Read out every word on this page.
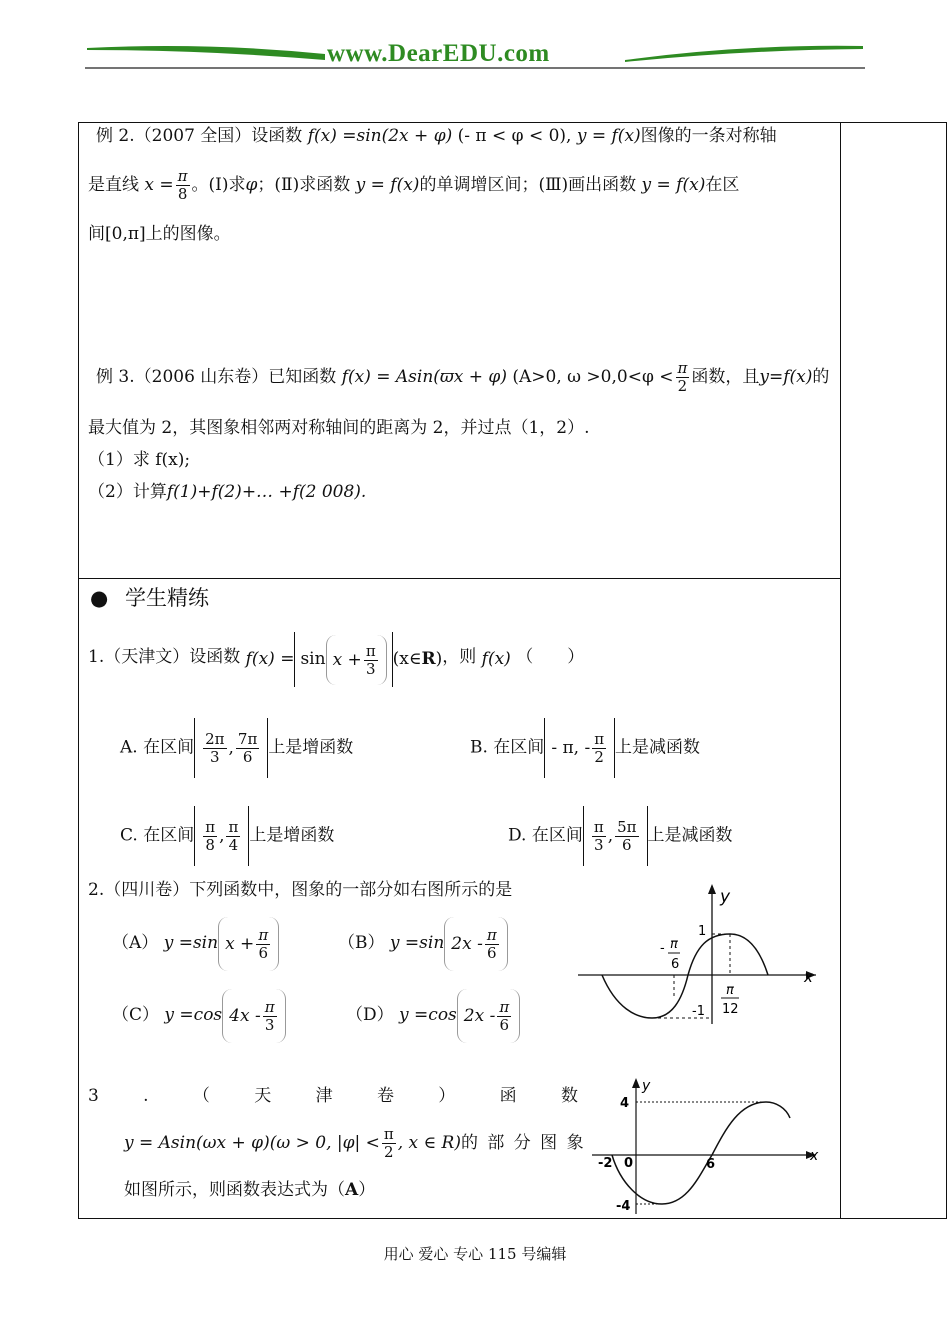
www.DearEDU.com
例 2.（2007 全国）设函数 f(x) =sin(2x + φ) (- π < φ < 0), y = f(x)图像的一条对称轴
是直线 $x = \frac{\pi}{8}$ 。(Ⅰ)求φ；(Ⅱ)求函数 y = f(x)的单调增区间；(Ⅲ)画出函数 y = f(x)在区
间[0,π]上的图像。
例 3.（2006 山东卷）已知函数 f(x) = Asin(ϖx + φ) (A>0, $\omega >0,0<\varphi < \frac{\pi}{2}$ 函数，且y=f(x)的
最大值为 2，其图象相邻两对称轴间的距离为 2，并过点（1，2）.
（1）求 f(x);
（2）计算f(1)+f(2)+… +f(2 008).
● 学生精练
1.（天津文）设函数 $f(x) = \sin x + \frac{\pi}{3}$ (x∈R)，则 f(x) （　　）
A. 在区间 $\frac{2\pi}{3}$ , $\frac{7\pi}{6}$ 上是增函数	B. 在区间 - π, - $\frac{\pi}{2}$ 上是减函数
C. 在区间 $\frac{\pi}{8}$ , $\frac{\pi}{4}$ 上是增函数	D. 在区间 $\frac{\pi}{3}$ , $\frac{5\pi}{6}$ 上是减函数
2.（四川卷）下列函数中，图象的一部分如右图所示的是
（A） y =sin $x + \frac{\pi}{6}$	（B） y =sin $2x - \frac{\pi}{6}$
（C） y =cos $4x - \frac{\pi}{3}$	（D） y =cos $2x - \frac{\pi}{6}$
y
x
1
-1
- π
6
π
12
3	.	（	天	津	卷	）	函	数
y = Asin(ωx + φ)(ω > 0, $|\varphi| < \frac{\pi}{2}$ , x ∈ R)的 部 分 图 象
如图所示，则函数表达式为（A）
y
x
4
-4
-2 0	6
用心 爱心 专心 115 号编辑
